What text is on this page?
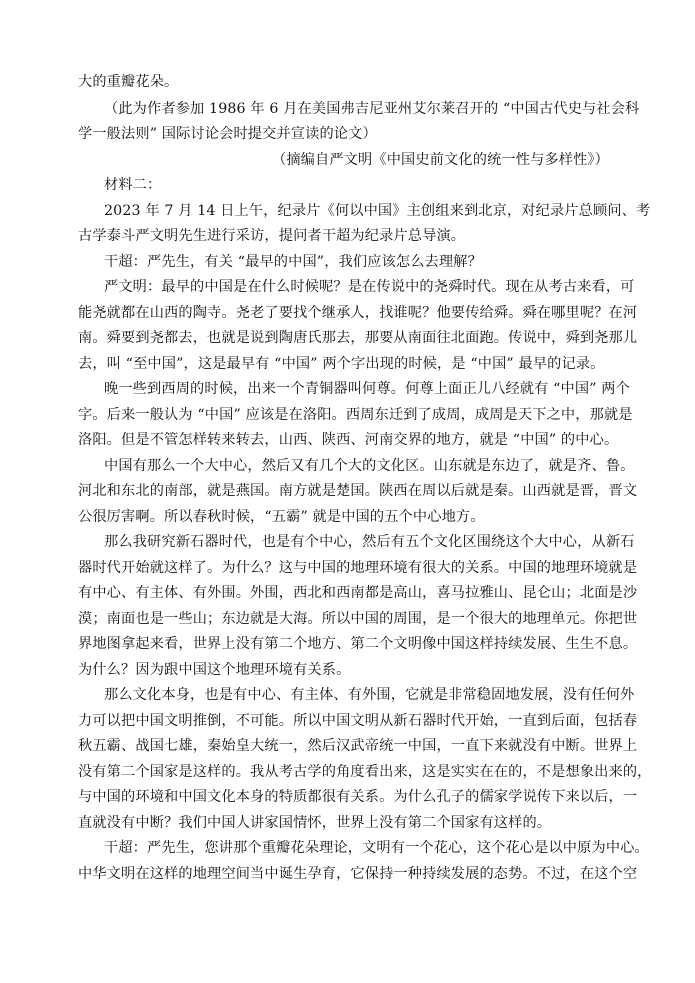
大的重瓣花朵。
（此为作者参加 1986 年 6 月在美国弗吉尼亚州艾尔莱召开的 “中国古代史与社会科
学一般法则” 国际讨论会时提交并宣读的论文）
（摘编自严文明《中国史前文化的统一性与多样性》）
材料二：
2023 年 7 月 14 日上午，纪录片《何以中国》主创组来到北京，对纪录片总顾问、考
古学泰斗严文明先生进行采访，提问者干超为纪录片总导演。
干超：严先生，有关 “最早的中国”，我们应该怎么去理解？
严文明：最早的中国是在什么时候呢？是在传说中的尧舜时代。现在从考古来看，可
能尧就都在山西的陶寺。尧老了要找个继承人，找谁呢？他要传给舜。舜在哪里呢？在河
南。舜要到尧都去，也就是说到陶唐氏那去，那要从南面往北面跑。传说中，舜到尧那儿
去，叫 “至中国”，这是最早有 “中国” 两个字出现的时候，是 “中国” 最早的记录。
晚一些到西周的时候，出来一个青铜器叫何尊。何尊上面正儿八经就有 “中国” 两个
字。后来一般认为 “中国” 应该是在洛阳。西周东迁到了成周，成周是天下之中，那就是
洛阳。但是不管怎样转来转去，山西、陕西、河南交界的地方，就是 “中国” 的中心。
中国有那么一个大中心，然后又有几个大的文化区。山东就是东边了，就是齐、鲁。
河北和东北的南部，就是燕国。南方就是楚国。陕西在周以后就是秦。山西就是晋，晋文
公很厉害啊。所以春秋时候，“五霸” 就是中国的五个中心地方。
那么我研究新石器时代，也是有个中心，然后有五个文化区围绕这个大中心，从新石
器时代开始就这样了。为什么？这与中国的地理环境有很大的关系。中国的地理环境就是
有中心、有主体、有外围。外围，西北和西南都是高山，喜马拉雅山、昆仑山；北面是沙
漠；南面也是一些山；东边就是大海。所以中国的周围，是一个很大的地理单元。你把世
界地图拿起来看，世界上没有第二个地方、第二个文明像中国这样持续发展、生生不息。
为什么？因为跟中国这个地理环境有关系。
那么文化本身，也是有中心、有主体、有外围，它就是非常稳固地发展，没有任何外
力可以把中国文明推倒，不可能。所以中国文明从新石器时代开始，一直到后面，包括春
秋五霸、战国七雄，秦始皇大统一，然后汉武帝统一中国，一直下来就没有中断。世界上
没有第二个国家是这样的。我从考古学的角度看出来，这是实实在在的，不是想象出来的，
与中国的环境和中国文化本身的特质都很有关系。为什么孔子的儒家学说传下来以后，一
直就没有中断？我们中国人讲家国情怀，世界上没有第二个国家有这样的。
干超：严先生，您讲那个重瓣花朵理论，文明有一个花心，这个花心是以中原为中心。
中华文明在这样的地理空间当中诞生孕育，它保持一种持续发展的态势。不过，在这个空
